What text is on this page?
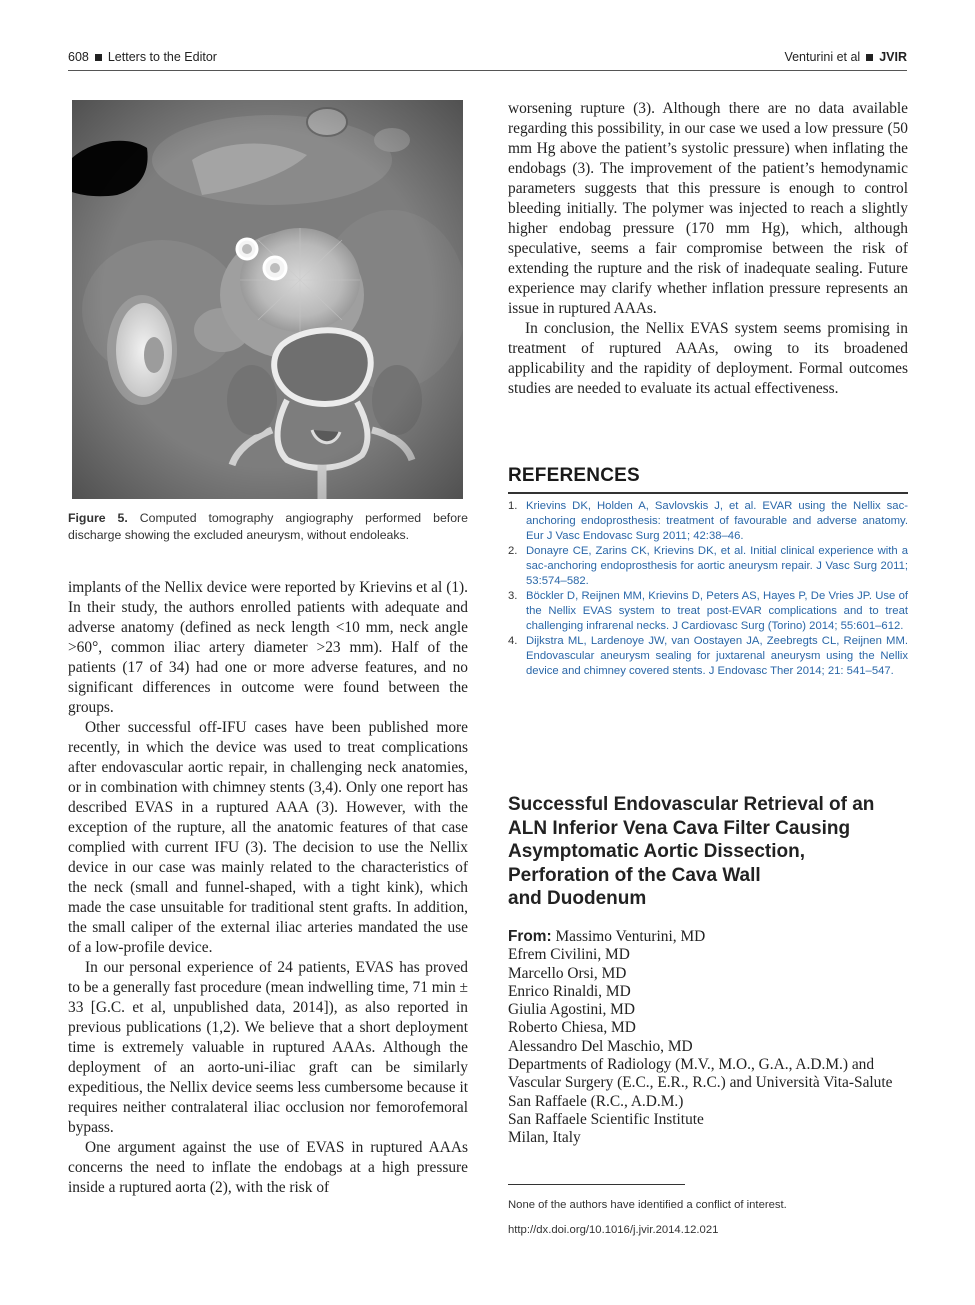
608 Letters to the Editor	Venturini et al JVIR
Figure 5. Computed tomography angiography performed before discharge showing the excluded aneurysm, without endoleaks.

implants of the Nellix device were reported by Krievins et al (1). In their study, the authors enrolled patients with adequate and adverse anatomy (defined as neck length <10 mm, neck angle >60°, common iliac artery diameter >23 mm). Half of the patients (17 of 34) had one or more adverse features, and no significant differences in outcome were found between the groups.

Other successful off-IFU cases have been published more recently, in which the device was used to treat complications after endovascular aortic repair, in challenging neck anatomies, or in combination with chimney stents (3,4). Only one report has described EVAS in a ruptured AAA (3). However, with the exception of the rupture, all the anatomic features of that case complied with current IFU (3). The decision to use the Nellix device in our case was mainly related to the characteristics of the neck (small and funnel-shaped, with a tight kink), which made the case unsuitable for traditional stent grafts. In addition, the small caliper of the external iliac arteries mandated the use of a low-profile device.

In our personal experience of 24 patients, EVAS has proved to be a generally fast procedure (mean indwelling time, 71 min ± 33 [G.C. et al, unpublished data, 2014]), as also reported in previous publications (1,2). We believe that a short deployment time is extremely valuable in ruptured AAAs. Although the deployment of an aorto-uni-iliac graft can be similarly expeditious, the Nellix device seems less cumbersome because it requires neither contralateral iliac occlusion nor femorofemoral bypass.

One argument against the use of EVAS in ruptured AAAs concerns the need to inflate the endobags at a high pressure inside a ruptured aorta (2), with the risk of

worsening rupture (3). Although there are no data available regarding this possibility, in our case we used a low pressure (50 mm Hg above the patient’s systolic pressure) when inflating the endobags (3). The improvement of the patient’s hemodynamic parameters suggests that this pressure is enough to control bleeding initially. The polymer was injected to reach a slightly higher endobag pressure (170 mm Hg), which, although speculative, seems a fair compromise between the risk of extending the rupture and the risk of inadequate sealing. Future experience may clarify whether inflation pressure represents an issue in ruptured AAAs.

In conclusion, the Nellix EVAS system seems promising in treatment of ruptured AAAs, owing to its broadened applicability and the rapidity of deployment. Formal outcomes studies are needed to evaluate its actual effectiveness.

REFERENCES
1. Krievins DK, Holden A, Savlovskis J, et al. EVAR using the Nellix sac-anchoring endoprosthesis: treatment of favourable and adverse anatomy. Eur J Vasc Endovasc Surg 2011; 42:38–46.
2. Donayre CE, Zarins CK, Krievins DK, et al. Initial clinical experience with a sac-anchoring endoprosthesis for aortic aneurysm repair. J Vasc Surg 2011; 53:574–582.
3. Böckler D, Reijnen MM, Krievins D, Peters AS, Hayes P, De Vries JP. Use of the Nellix EVAS system to treat post-EVAR complications and to treat challenging infrarenal necks. J Cardiovasc Surg (Torino) 2014; 55:601–612.
4. Dijkstra ML, Lardenoye JW, van Oostayen JA, Zeebregts CL, Reijnen MM. Endovascular aneurysm sealing for juxtarenal aneurysm using the Nellix device and chimney covered stents. J Endovasc Ther 2014; 21: 541–547.
Successful Endovascular Retrieval of an
ALN Inferior Vena Cava Filter Causing
Asymptomatic Aortic Dissection,
Perforation of the Cava Wall
and Duodenum
From: Massimo Venturini, MD
Efrem Civilini, MD
Marcello Orsi, MD
Enrico Rinaldi, MD
Giulia Agostini, MD
Roberto Chiesa, MD
Alessandro Del Maschio, MD
Departments of Radiology (M.V., M.O., G.A., A.D.M.) and
Vascular Surgery (E.C., E.R., R.C.) and Università Vita-Salute
San Raffaele (R.C., A.D.M.)
San Raffaele Scientific Institute
Milan, Italy
None of the authors have identified a conflict of interest.
http://dx.doi.org/10.1016/j.jvir.2014.12.021
